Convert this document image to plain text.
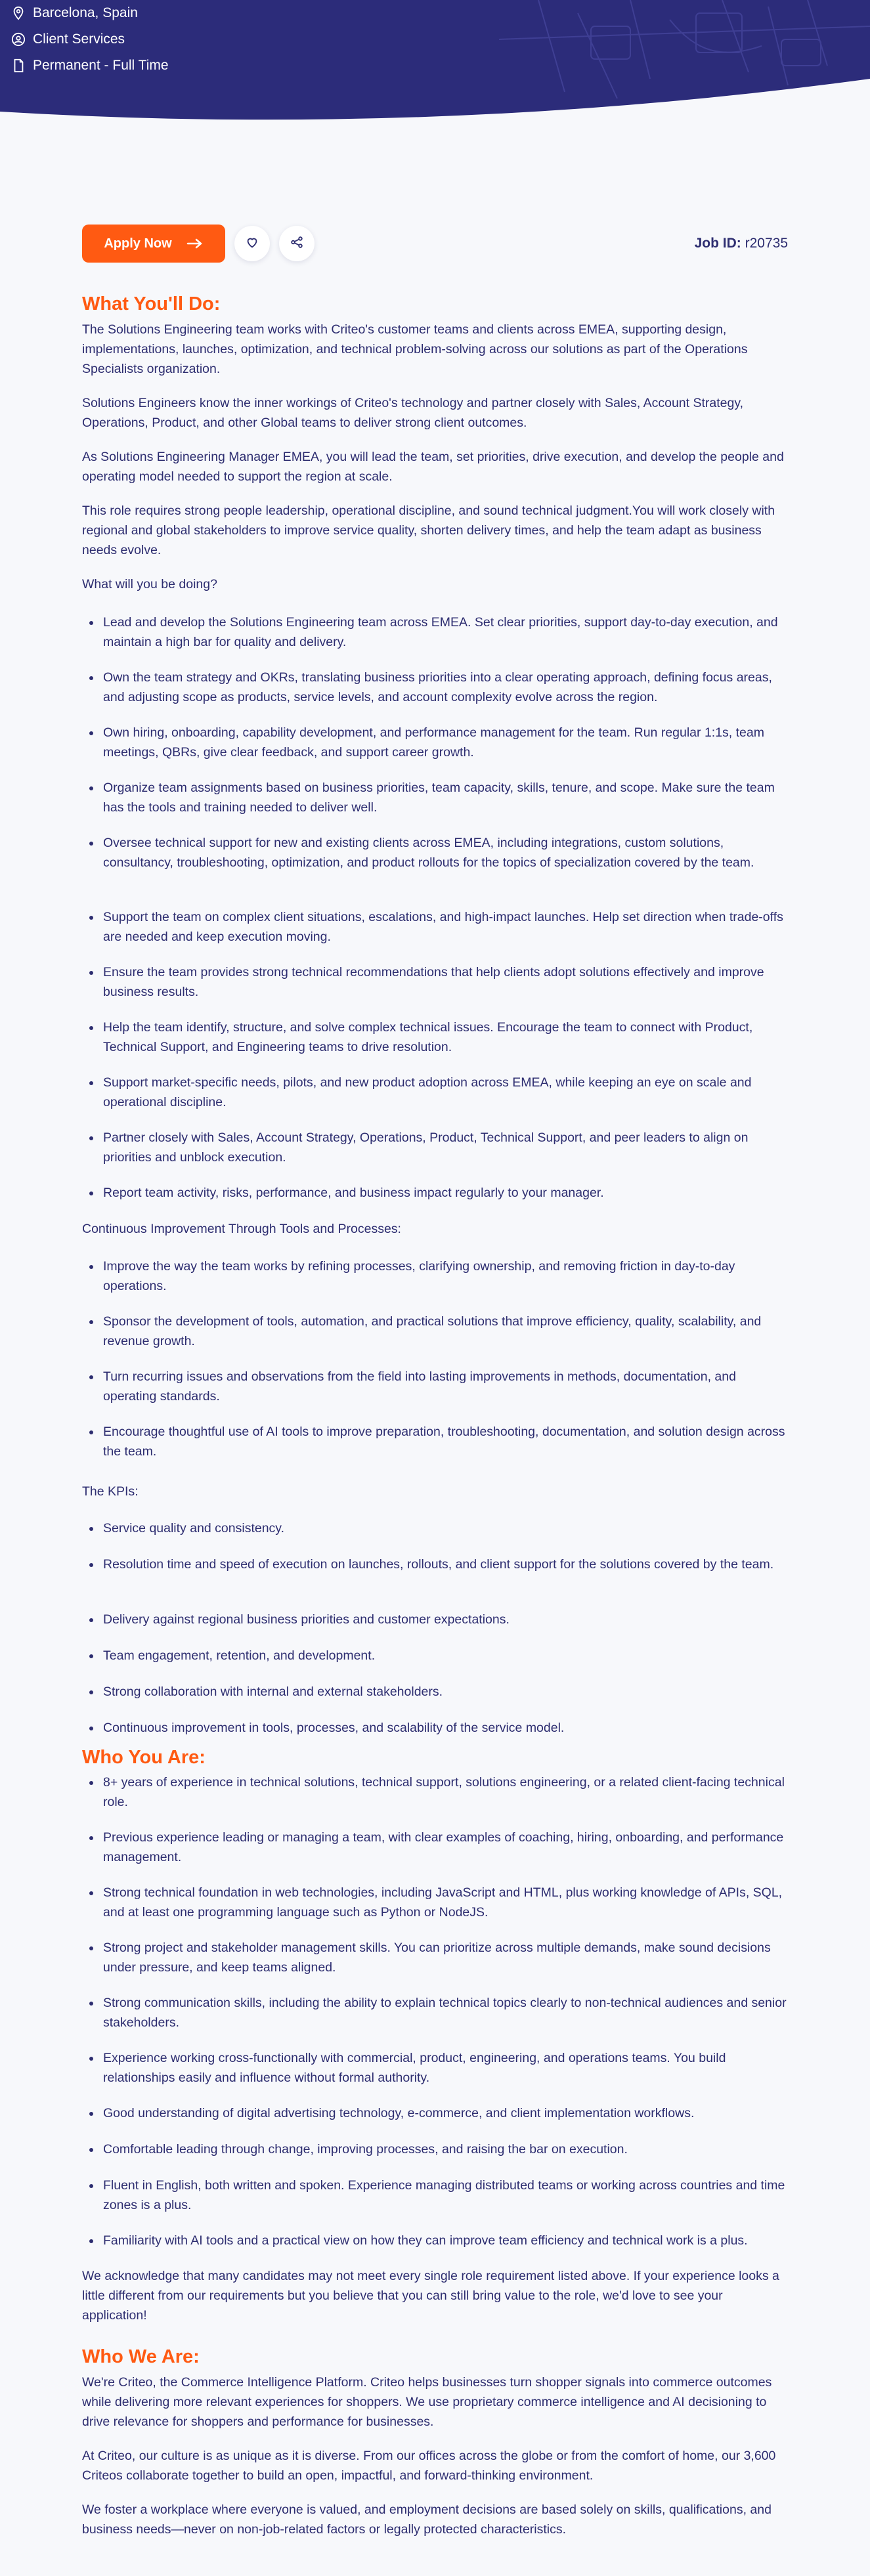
Barcelona, Spain
Client Services
Permanent - Full Time
Apply Now	Job ID: r20735
What You'll Do:

The Solutions Engineering team works with Criteo's customer teams and clients across EMEA, supporting design, implementations, launches, optimization, and technical problem-solving across our solutions as part of the Operations Specialists organization.

Solutions Engineers know the inner workings of Criteo's technology and partner closely with Sales, Account Strategy, Operations, Product, and other Global teams to deliver strong client outcomes.

As Solutions Engineering Manager EMEA, you will lead the team, set priorities, drive execution, and develop the people and operating model needed to support the region at scale.

This role requires strong people leadership, operational discipline, and sound technical judgment.You will work closely with regional and global stakeholders to improve service quality, shorten delivery times, and help the team adapt as business needs evolve.

What will you be doing?

Lead and develop the Solutions Engineering team across EMEA. Set clear priorities, support day-to-day execution, and maintain a high bar for quality and delivery.
Own the team strategy and OKRs, translating business priorities into a clear operating approach, defining focus areas, and adjusting scope as products, service levels, and account complexity evolve across the region.
Own hiring, onboarding, capability development, and performance management for the team. Run regular 1:1s, team meetings, QBRs, give clear feedback, and support career growth.
Organize team assignments based on business priorities, team capacity, skills, tenure, and scope. Make sure the team has the tools and training needed to deliver well.
Oversee technical support for new and existing clients across EMEA, including integrations, custom solutions, consultancy, troubleshooting, optimization, and product rollouts for the topics of specialization covered by the team.
Support the team on complex client situations, escalations, and high-impact launches. Help set direction when trade-offs are needed and keep execution moving.
Ensure the team provides strong technical recommendations that help clients adopt solutions effectively and improve business results.
Help the team identify, structure, and solve complex technical issues. Encourage the team to connect with Product, Technical Support, and Engineering teams to drive resolution.
Support market-specific needs, pilots, and new product adoption across EMEA, while keeping an eye on scale and operational discipline.
Partner closely with Sales, Account Strategy, Operations, Product, Technical Support, and peer leaders to align on priorities and unblock execution.
Report team activity, risks, performance, and business impact regularly to your manager.

Continuous Improvement Through Tools and Processes:

Improve the way the team works by refining processes, clarifying ownership, and removing friction in day-to-day operations.
Sponsor the development of tools, automation, and practical solutions that improve efficiency, quality, scalability, and revenue growth.
Turn recurring issues and observations from the field into lasting improvements in methods, documentation, and operating standards.
Encourage thoughtful use of AI tools to improve preparation, troubleshooting, documentation, and solution design across the team.

The KPIs:

Service quality and consistency.
Resolution time and speed of execution on launches, rollouts, and client support for the solutions covered by the team.
Delivery against regional business priorities and customer expectations.
Team engagement, retention, and development.
Strong collaboration with internal and external stakeholders.
Continuous improvement in tools, processes, and scalability of the service model.
Who You Are:
8+ years of experience in technical solutions, technical support, solutions engineering, or a related client-facing technical role.
Previous experience leading or managing a team, with clear examples of coaching, hiring, onboarding, and performance management.
Strong technical foundation in web technologies, including JavaScript and HTML, plus working knowledge of APIs, SQL, and at least one programming language such as Python or NodeJS.
Strong project and stakeholder management skills. You can prioritize across multiple demands, make sound decisions under pressure, and keep teams aligned.
Strong communication skills, including the ability to explain technical topics clearly to non-technical audiences and senior stakeholders.
Experience working cross-functionally with commercial, product, engineering, and operations teams. You build relationships easily and influence without formal authority.
Good understanding of digital advertising technology, e-commerce, and client implementation workflows.
Comfortable leading through change, improving processes, and raising the bar on execution.
Fluent in English, both written and spoken. Experience managing distributed teams or working across countries and time zones is a plus.
Familiarity with AI tools and a practical view on how they can improve team efficiency and technical work is a plus.

We acknowledge that many candidates may not meet every single role requirement listed above. If your experience looks a little different from our requirements but you believe that you can still bring value to the role, we'd love to see your application!

Who We Are:

We're Criteo, the Commerce Intelligence Platform. Criteo helps businesses turn shopper signals into commerce outcomes while delivering more relevant experiences for shoppers. We use proprietary commerce intelligence and AI decisioning to drive relevance for shoppers and performance for businesses.

At Criteo, our culture is as unique as it is diverse. From our offices across the globe or from the comfort of home, our 3,600 Criteos collaborate together to build an open, impactful, and forward-thinking environment.

We foster a workplace where everyone is valued, and employment decisions are based solely on skills, qualifications, and business needs—never on non-job-related factors or legally protected characteristics.
